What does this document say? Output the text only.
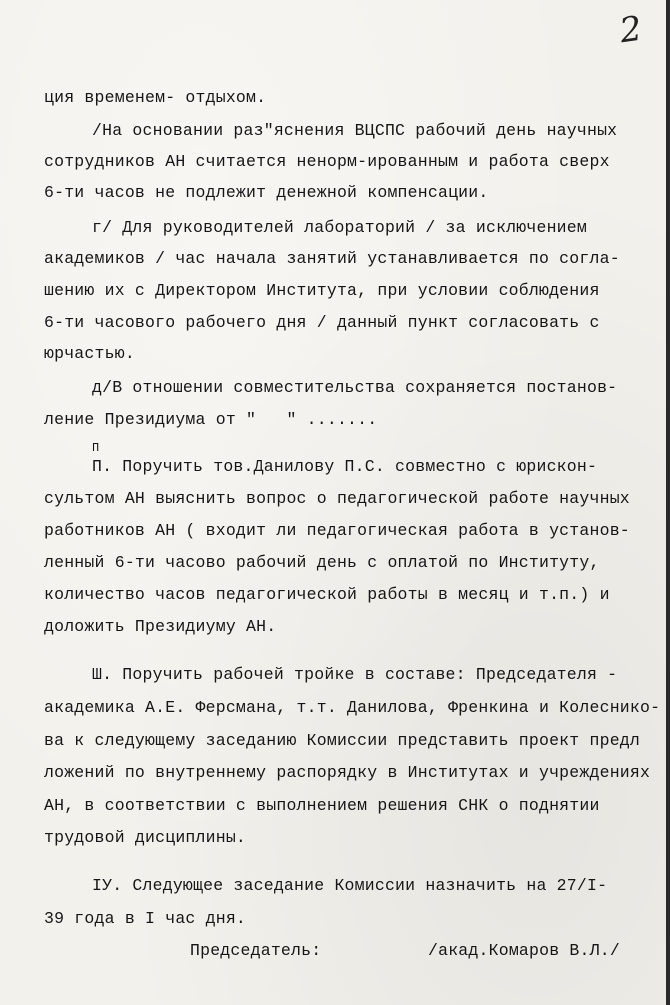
2
ция временем- отдыхом.
/На основании раз"яснения ВЦСПС рабочий день научных
сотрудников АН считается ненорм-ированным и работа сверх
6-ти часов не подлежит денежной компенсации.
г/ Для руководителей лабораторий / за исключением
академиков / час начала занятий устанавливается по согла-
шению их с Директором Института, при условии соблюдения
6-ти часового рабочего дня / данный пункт согласовать с
юрчастью.
д/В отношении совместительства сохраняется постанов-
ление Президиума от "   " .......
П
П. Поручить тов.Данилову П.С. совместно с юрискон-
сультом АН выяснить вопрос о педагогической работе научных
работников АН ( входит ли педагогическая работа в установ-
ленный 6-ти часово рабочий день с оплатой по Институту,
количество часов педагогической работы в месяц и т.п.) и
доложить Президиуму АН.
Ш. Поручить рабочей тройке в составе: Председателя -
академика А.Е. Ферсмана, т.т. Данилова, Френкина и Колеснико-
ва к следующему заседанию Комиссии представить проект предл
ложений по внутреннему распорядку в Институтах и учреждениях
АН, в соответствии с выполнением решения СНК о поднятии
трудовой дисциплины.
IУ. Следующее заседание Комиссии назначить на 27/I-
39 года в I час дня.
Председатель:	/акад.Комаров В.Л./
